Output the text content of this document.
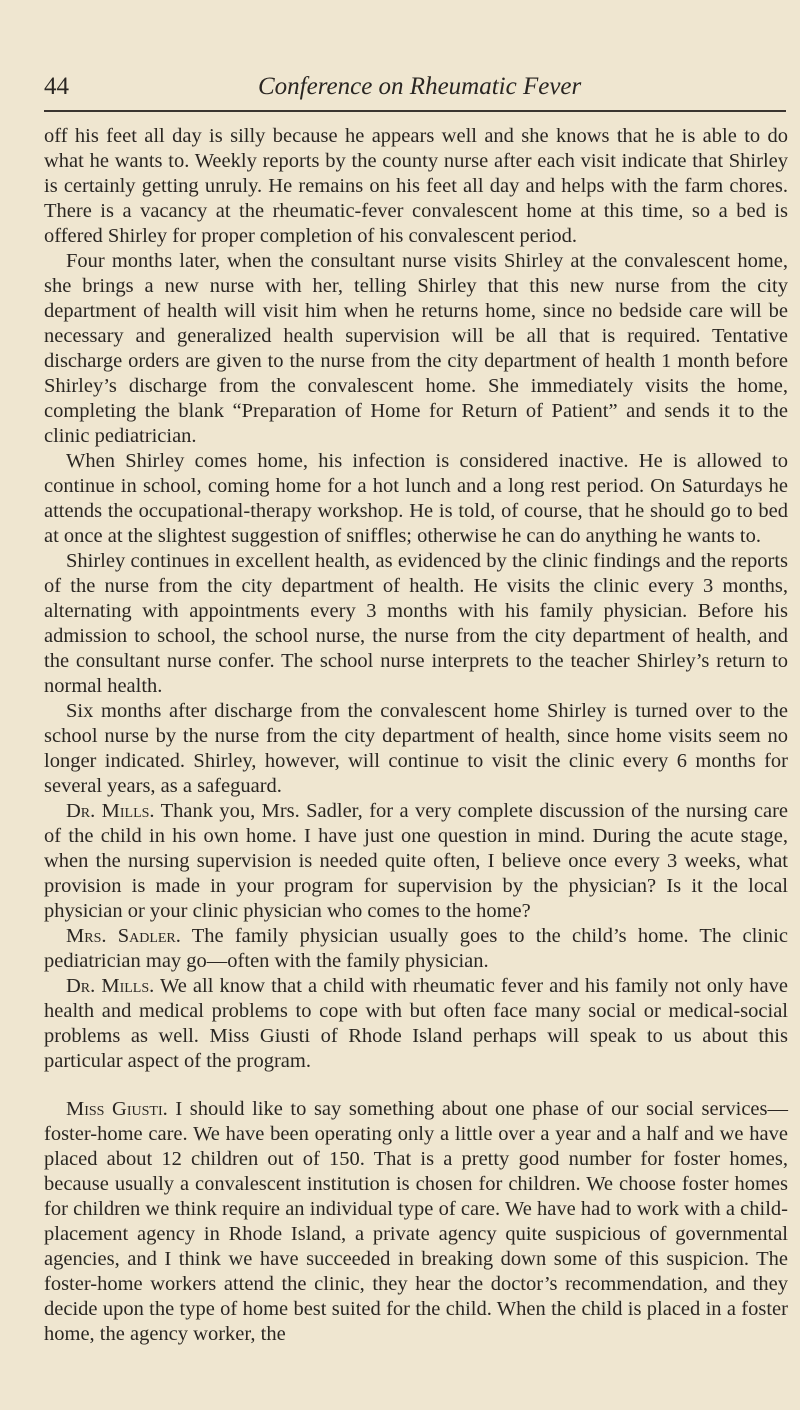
44	Conference on Rheumatic Fever

off his feet all day is silly because he appears well and she knows that he is able to do what he wants to. Weekly reports by the county nurse after each visit indicate that Shirley is certainly getting unruly. He remains on his feet all day and helps with the farm chores. There is a vacancy at the rheumatic-fever convalescent home at this time, so a bed is offered Shirley for proper completion of his convalescent period.

Four months later, when the consultant nurse visits Shirley at the convalescent home, she brings a new nurse with her, telling Shirley that this new nurse from the city department of health will visit him when he returns home, since no bedside care will be necessary and generalized health supervision will be all that is required. Tentative discharge orders are given to the nurse from the city department of health 1 month before Shirley’s discharge from the convalescent home. She immediately visits the home, completing the blank “Preparation of Home for Return of Patient” and sends it to the clinic pediatrician.

When Shirley comes home, his infection is considered inactive. He is allowed to continue in school, coming home for a hot lunch and a long rest period. On Saturdays he attends the occupational-therapy workshop. He is told, of course, that he should go to bed at once at the slightest suggestion of sniffles; otherwise he can do anything he wants to.

Shirley continues in excellent health, as evidenced by the clinic findings and the reports of the nurse from the city department of health. He visits the clinic every 3 months, alternating with appointments every 3 months with his family physician. Before his admission to school, the school nurse, the nurse from the city department of health, and the consultant nurse confer. The school nurse interprets to the teacher Shirley’s return to normal health.

Six months after discharge from the convalescent home Shirley is turned over to the school nurse by the nurse from the city department of health, since home visits seem no longer indicated. Shirley, however, will continue to visit the clinic every 6 months for several years, as a safeguard.

Dr. Mills. Thank you, Mrs. Sadler, for a very complete discussion of the nursing care of the child in his own home. I have just one question in mind. During the acute stage, when the nursing supervision is needed quite often, I believe once every 3 weeks, what provision is made in your program for supervision by the physician? Is it the local physician or your clinic physician who comes to the home?

Mrs. Sadler. The family physician usually goes to the child’s home. The clinic pediatrician may go—often with the family physician.

Dr. Mills. We all know that a child with rheumatic fever and his family not only have health and medical problems to cope with but often face many social or medical-social problems as well. Miss Giusti of Rhode Island perhaps will speak to us about this particular aspect of the program.

Miss Giusti. I should like to say something about one phase of our social services—foster-home care. We have been operating only a little over a year and a half and we have placed about 12 children out of 150. That is a pretty good number for foster homes, because usually a convalescent institution is chosen for children. We choose foster homes for children we think require an individual type of care. We have had to work with a child-placement agency in Rhode Island, a private agency quite suspicious of governmental agencies, and I think we have succeeded in breaking down some of this suspicion. The foster-home workers attend the clinic, they hear the doctor’s recommendation, and they decide upon the type of home best suited for the child. When the child is placed in a foster home, the agency worker, the
